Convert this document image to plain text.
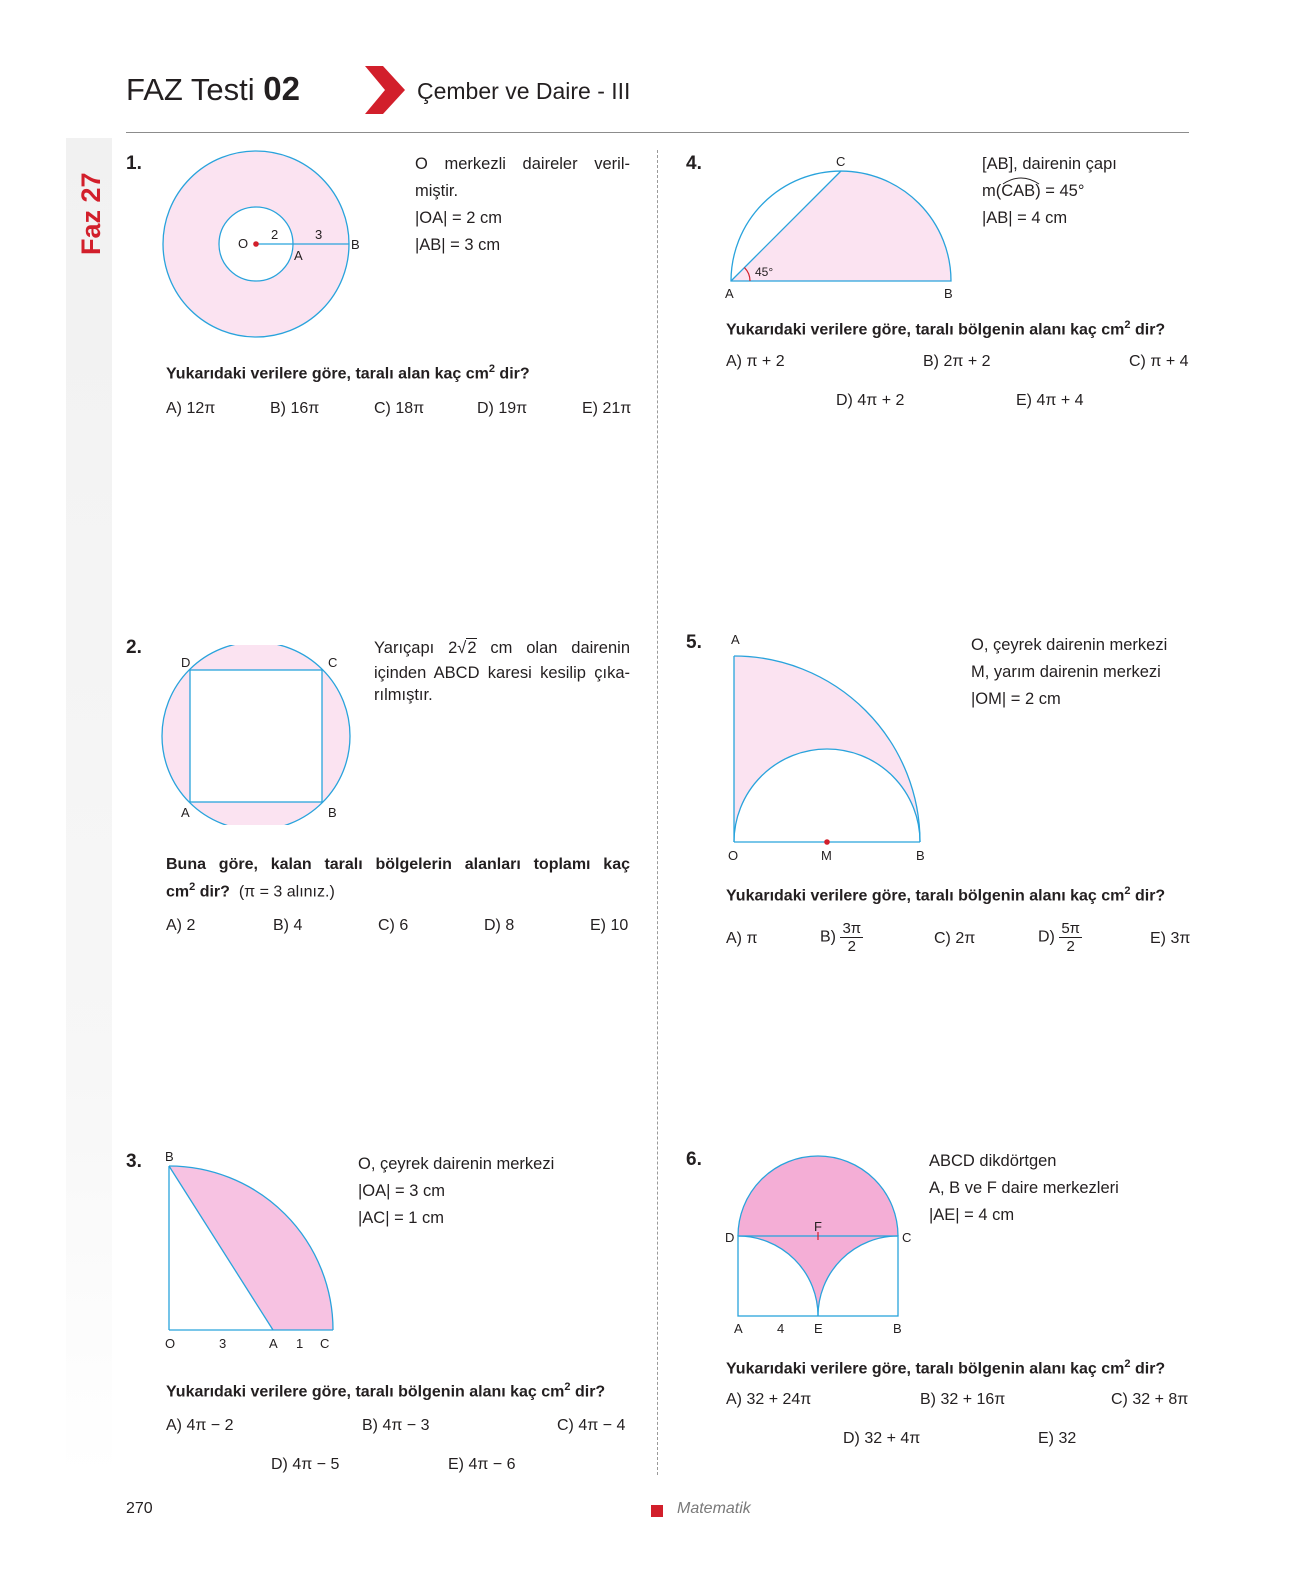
FAZ Testi 02	Çember ve Daire - III
Faz 27
1.
O
A
B
2	3
O merkezli daireler veril-
miştir.
|OA| = 2 cm
|AB| = 3 cm
Yukarıdaki verilere göre, taralı alan kaç $cm^2$ dir?
A) 12π	B) 16π	C) 18π	D) 19π	E) 21π
2.
D	C
A	B
Yarıçapı 2√2 cm olan dairenin
içinden ABCD karesi kesilip çıka-
rılmıştır.
Buna göre, kalan taralı bölgelerin alanları toplamı kaç
$cm^2$ dir? (π = 3 alınız.)
A) 2	B) 4	C) 6	D) 8	E) 10
3. B
O	3	A 1 C
O, çeyrek dairenin merkezi
|OA| = 3 cm
|AC| = 1 cm
Yukarıdaki verilere göre, taralı bölgenin alanı kaç $cm^2$ dir?
A) 4π − 2	B) 4π − 3	C) 4π − 4
D) 4π − 5	E) 4π − 6
4.
45°
C
A	B
[AB], dairenin çapı
m(
CAB) = 45°
|AB| = 4 cm
Yukarıdaki verilere göre, taralı bölgenin alanı kaç $cm^2$ dir?
A) π + 2	B) 2π + 2	C) π + 4
D) 4π + 2	E) 4π + 4
5. A
O	M	B
O, çeyrek dairenin merkezi
M, yarım dairenin merkezi
|OM| = 2 cm
Yukarıdaki verilere göre, taralı bölgenin alanı kaç $cm^2$ dir?
A) π	$B) \frac{3\pi}{2}$	C) 2π	$D) \frac{5\pi}{2}$	E) 3π
6.
F
D	C
A	4 E	B
ABCD dikdörtgen
A, B ve F daire merkezleri
|AE| = 4 cm
Yukarıdaki verilere göre, taralı bölgenin alanı kaç $cm^2$ dir?
A) 32 + 24π	B) 32 + 16π	C) 32 + 8π
D) 32 + 4π	E) 32
270	Matematik
